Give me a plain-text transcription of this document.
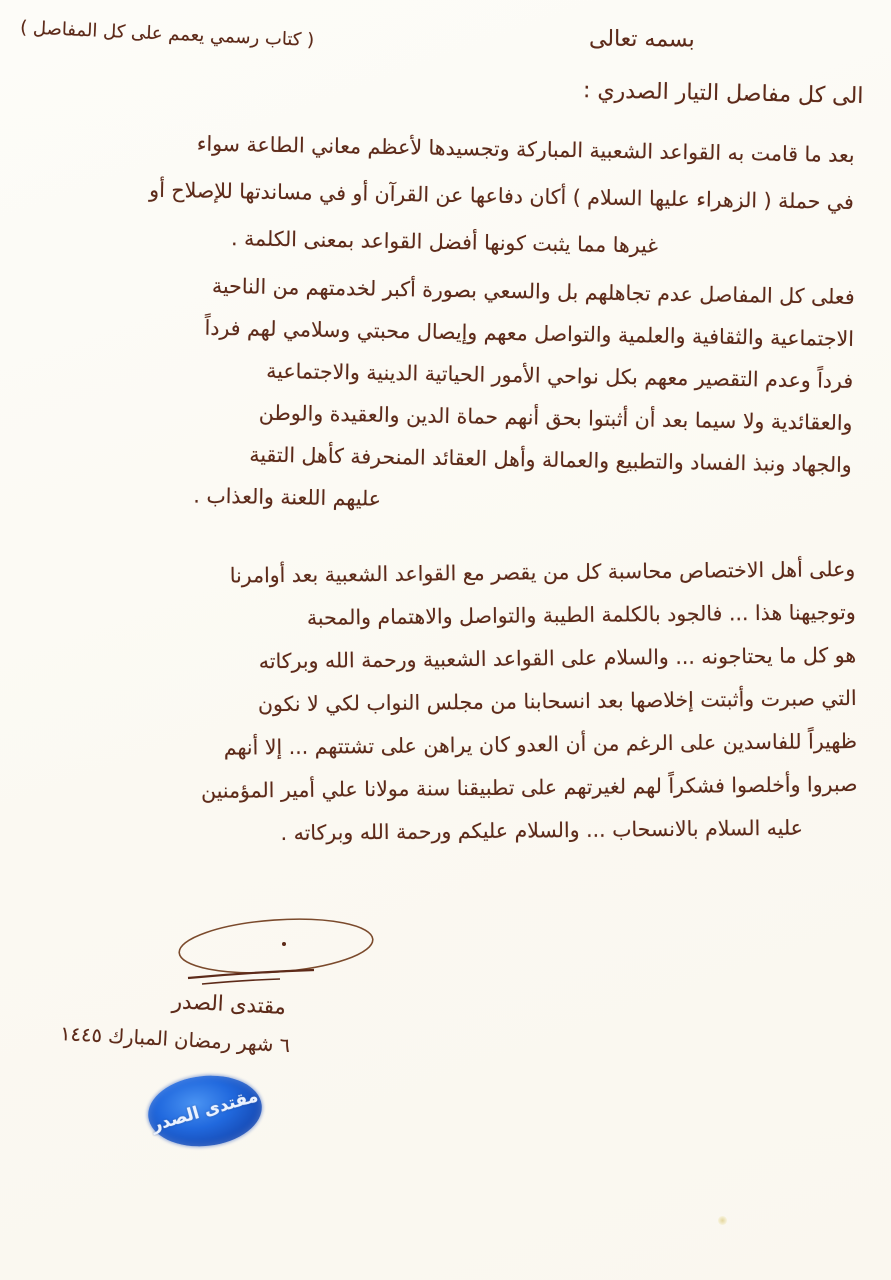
بسمه تعالى
( كتاب رسمي يعمم على كل المفاصل )
الى كل مفاصل التيار الصدري :
بعد ما قامت به القواعد الشعبية المباركة وتجسيدها لأعظم معاني الطاعة سواء
في حملة ( الزهراء عليها السلام ) أكان دفاعها عن القرآن أو في مساندتها للإصلاح أو
غيرها مما يثبت كونها أفضل القواعد بمعنى الكلمة .
فعلى كل المفاصل عدم تجاهلهم بل والسعي بصورة أكبر لخدمتهم من الناحية
الاجتماعية والثقافية والعلمية والتواصل معهم وإيصال محبتي وسلامي لهم فرداً
فرداً وعدم التقصير معهم بكل نواحي الأمور الحياتية الدينية والاجتماعية
والعقائدية ولا سيما بعد أن أثبتوا بحق أنهم حماة الدين والعقيدة والوطن
والجهاد ونبذ الفساد والتطبيع والعمالة وأهل العقائد المنحرفة كأهل التقية
عليهم اللعنة والعذاب .
وعلى أهل الاختصاص محاسبة كل من يقصر مع القواعد الشعبية بعد أوامرنا
وتوجيهنا هذا ... فالجود بالكلمة الطيبة والتواصل والاهتمام والمحبة
هو كل ما يحتاجونه ... والسلام على القواعد الشعبية ورحمة الله وبركاته
التي صبرت وأثبتت إخلاصها بعد انسحابنا من مجلس النواب لكي لا نكون
ظهيراً للفاسدين على الرغم من أن العدو كان يراهن على تشتتهم ... إلا أنهم
صبروا وأخلصوا فشكراً لهم لغيرتهم على تطبيقنا سنة مولانا علي أمير المؤمنين
عليه السلام بالانسحاب ... والسلام عليكم ورحمة الله وبركاته .
مقتدى الصدر
٦ شهر رمضان المبارك ١٤٤٥
مقتدى الصدر
